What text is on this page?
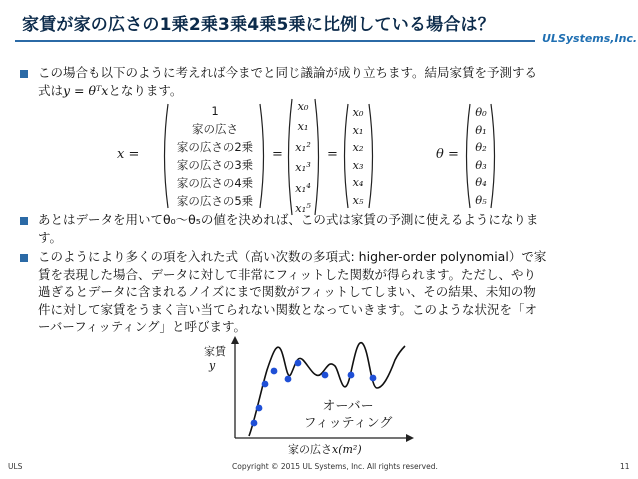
家賃が家の広さの1乗2乗3乗4乗5乗に比例している場合は？
ULSystems,Inc.
この場合も以下のように考えれば今までと同じ議論が成り立ちます。結局家賃を予測する
式はy = θᵀxとなります。
x =
1
家の広さ
家の広さの2乗
家の広さの3乗
家の広さの4乗
家の広さの5乗
=
x₀
x₁
x₁²
x₁³
x₁⁴
x₁⁵
=
x₀
x₁
x₂
x₃
x₄
x₅
θ =
θ₀
θ₁
θ₂
θ₃
θ₄
θ₅
あとはデータを用いてθ₀～θ₅の値を決めれば、この式は家賃の予測に使えるようになりま
す。
このようにより多くの項を入れた式（高い次数の多項式: higher-order polynomial）で家
賃を表現した場合、データに対して非常にフィットした関数が得られます。ただし、やり
過ぎるとデータに含まれるノイズにまで関数がフィットしてしまい、その結果、未知の物
件に対して家賃をうまく言い当てられない関数となっていきます。このような状況を「オ
ーバーフィッティング」と呼びます。
家賃
y
オーバー
フィッティング
家の広さx(m²)
ULS	Copyright © 2015 UL Systems, Inc. All rights reserved.	11
